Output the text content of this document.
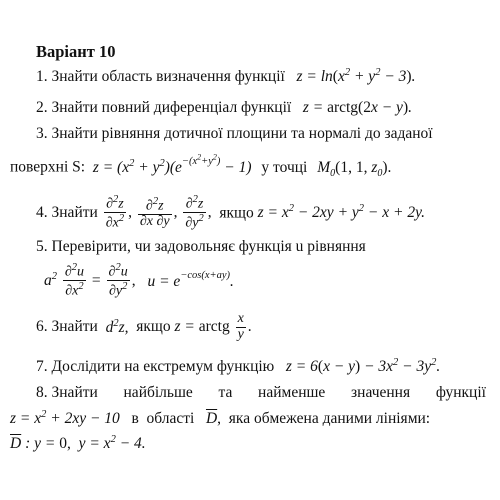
Варіант 10
1. Знайти область визначення функції   $z = \ln(x^2 + y^2 - 3)$.
2. Знайти повний диференціал функції   z = arctg(2x − y).
3. Знайти рівняння дотичної площини та нормалі до заданої
поверхні S:  $z = (x^2 + y^2)(e^{-(x^2+y^2)} - 1)$ у точці $M_0(1$, 1, $z_0$).
4. Знайти $\frac{\partial^2z}{\partial x^2}$ , $\frac{\partial^2z}{\partial x \partial y}$ , $\frac{\partial^2z}{\partial y^2}$ ,  якщо $z = x^2 - 2xy + y^2 - x + 2y$.
5. Перевірити, чи задовольняє функція u рівняння
$a^2 \frac{\partial^2u}{\partial x^2} = \frac{\partial^2u}{\partial y^2}$ , $u = e^{-cos(x+ay)}$.
6. Знайти  $d^2z$,  якщо z = arctg $\frac{x}{y}$ .
7. Дослідити на екстремум функцію   $z = 6(x - y) - 3x^2 - 3y^2$.
8. Знайти найбільше та найменше значення функції
$z = x^2 + 2xy - 10$   в  області   $\overline{D}$,  яка обмежена даними лініями:
$\overline{D}$ : y = 0,  $y = x^2 - 4$.
